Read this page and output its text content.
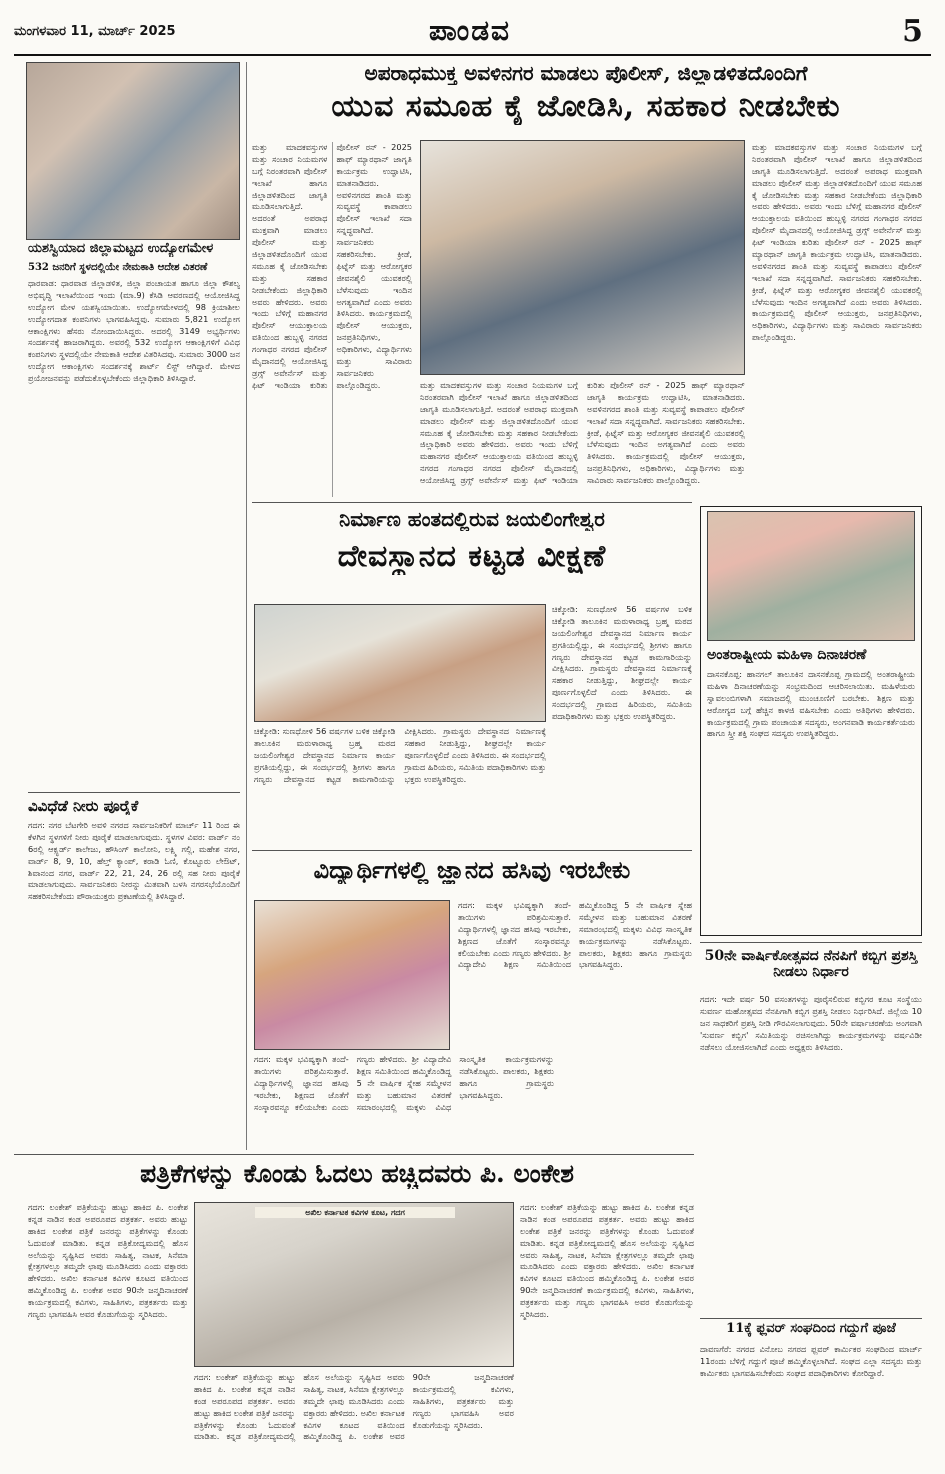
ಮಂಗಳವಾರ 11, ಮಾರ್ಚ್ 2025	ಪಾಂಡವ	5
ಯಶಸ್ವಿಯಾದ ಜಿಲ್ಲಾಮಟ್ಟದ ಉದ್ಯೋಗಮೇಳ
532 ಜನರಿಗೆ ಸ್ಥಳದಲ್ಲಿಯೇ ನೇಮಕಾತಿ ಆದೇಶ ವಿತರಣೆ
ಧಾರವಾಡ: ಧಾರವಾಡ ಜಿಲ್ಲಾಡಳಿತ, ಜಿಲ್ಲಾ ಪಂಚಾಯತ ಹಾಗೂ ಜಿಲ್ಲಾ ಕೌಶಲ್ಯ ಅಭಿವೃದ್ಧಿ ಇಲಾಖೆಯಿಂದ ಇಂದು (ಮಾ.9) ಕೆಸಿಡಿ ಆವರಣದಲ್ಲಿ ಆಯೋಜಿಸಿದ್ದ ಉದ್ಯೋಗ ಮೇಳ ಯಶಸ್ವಿಯಾಯಿತು. ಉದ್ಯೋಗಮೇಳದಲ್ಲಿ 98 ಕ್ರಿಯಾಶೀಲ ಉದ್ಯೋಗದಾತ ಕಂಪನಿಗಳು ಭಾಗವಹಿಸಿದ್ದವು. ಸುಮಾರು 5,821 ಉದ್ಯೋಗ ಆಕಾಂಕ್ಷಿಗಳು ಹೆಸರು ನೋಂದಾಯಿಸಿದ್ದರು. ಅದರಲ್ಲಿ 3149 ಅಭ್ಯರ್ಥಿಗಳು ಸಂದರ್ಶನಕ್ಕೆ ಹಾಜರಾಗಿದ್ದರು. ಅವರಲ್ಲಿ 532 ಉದ್ಯೋಗ ಆಕಾಂಕ್ಷಿಗಳಿಗೆ ವಿವಿಧ ಕಂಪನಿಗಳು ಸ್ಥಳದಲ್ಲಿಯೇ ನೇಮಕಾತಿ ಆದೇಶ ವಿತರಿಸಿದವು. ಸುಮಾರು 3000 ಜನ ಉದ್ಯೋಗ ಆಕಾಂಕ್ಷಿಗಳು ಸಂದರ್ಶನಕ್ಕೆ ಶಾರ್ಟ್ ಲಿಸ್ಟ್ ಆಗಿದ್ದಾರೆ. ಮೇಳದ ಪ್ರಯೋಜನವನ್ನು ಪಡೆದುಕೊಳ್ಳಬೇಕೆಂದು ಜಿಲ್ಲಾಧಿಕಾರಿ ತಿಳಿಸಿದ್ದಾರೆ.
ವಿವಿಧೆಡೆ ನೀರು ಪೂರೈಕೆ
ಗದಗ: ನಗರ ಬೆಟಗೇರಿ ಅವಳಿ ನಗರದ ಸಾರ್ವಜನಿಕರಿಗೆ ಮಾರ್ಚ್ 11 ರಿಂದ ಈ ಕೆಳಗಿನ ಸ್ಥಳಗಳಿಗೆ ನೀರು ಪೂರೈಕೆ ಮಾಡಲಾಗುವುದು. ಸ್ಥಳಗಳ ವಿವರ: ವಾರ್ಡ್ ನಂ 6ರಲ್ಲಿ ಆಕ್ಸ್ಫರ್ಡ್ ಕಾಲೇಜು, ಹೌಸಿಂಗ್ ಕಾಲೋನಿ, ಲಕ್ಷ್ಮಿ ಗಲ್ಲಿ, ಮಹೇಶ ನಗರ, ವಾರ್ಡ್ 8, 9, 10, ಹೆಲ್ತ್ ಕ್ಯಾಂಪ್, ಕರಾಡಿ ಓಣಿ, ಕೊಟ್ಟೂರು ಲೇಔಟ್, ಶಿವಾನಂದ ನಗರ, ವಾರ್ಡ್ 22, 21, 24, 26 ರಲ್ಲಿ ಸಹ ನೀರು ಪೂರೈಕೆ ಮಾಡಲಾಗುವುದು. ಸಾರ್ವಜನಿಕರು ನೀರನ್ನು ಮಿತವಾಗಿ ಬಳಸಿ ನಗರಸಭೆಯೊಂದಿಗೆ ಸಹಕರಿಸಬೇಕೆಂದು ಪೌರಾಯುಕ್ತರು ಪ್ರಕಟಣೆಯಲ್ಲಿ ತಿಳಿಸಿದ್ದಾರೆ.
ಅಪರಾಧಮುಕ್ತ ಅವಳಿನಗರ ಮಾಡಲು ಪೊಲೀಸ್, ಜಿಲ್ಲಾಡಳಿತದೊಂದಿಗೆ
ಯುವ ಸಮೂಹ ಕೈ ಜೋಡಿಸಿ, ಸಹಕಾರ ನೀಡಬೇಕು
ಮತ್ತು ಮಾದಕವಸ್ತುಗಳ ಮತ್ತು ಸಂಚಾರ ನಿಯಮಗಳ ಬಗ್ಗೆ ನಿರಂತರವಾಗಿ ಪೊಲೀಸ್ ಇಲಾಖೆ ಹಾಗೂ ಜಿಲ್ಲಾಡಳಿತದಿಂದ ಜಾಗೃತಿ ಮೂಡಿಸಲಾಗುತ್ತಿದೆ. ಅದರಂತೆ ಅಪರಾಧ ಮುಕ್ತವಾಗಿ ಮಾಡಲು ಪೊಲೀಸ್ ಮತ್ತು ಜಿಲ್ಲಾಡಳಿತದೊಂದಿಗೆ ಯುವ ಸಮೂಹ ಕೈ ಜೋಡಿಸಬೇಕು ಮತ್ತು ಸಹಕಾರ ನೀಡಬೇಕೆಂದು ಜಿಲ್ಲಾಧಿಕಾರಿ ಅವರು ಹೇಳಿದರು. ಅವರು ಇಂದು ಬೆಳಿಗ್ಗೆ ಮಹಾನಗರ ಪೊಲೀಸ್ ಆಯುಕ್ತಾಲಯ ವತಿಯಿಂದ ಹುಬ್ಬಳ್ಳಿ ನಗರದ ಗಂಗಾಧರ ನಗರದ ಪೊಲೀಸ್ ಮೈದಾನದಲ್ಲಿ ಆಯೋಜಿಸಿದ್ದ ಡ್ರಗ್ಸ್ ಅವೇರ್ನೆಸ್ ಮತ್ತು ಫಿಟ್ ಇಂಡಿಯಾ ಕುರಿತು ಪೊಲೀಸ್ ರನ್ - 2025 ಹಾಫ್ ಮ್ಯಾರಥಾನ್ ಜಾಗೃತಿ ಕಾರ್ಯಕ್ರಮ ಉದ್ಘಾಟಿಸಿ, ಮಾತನಾಡಿದರು. ಅವಳಿನಗರದ ಶಾಂತಿ ಮತ್ತು ಸುವ್ಯವಸ್ಥೆ ಕಾಪಾಡಲು ಪೊಲೀಸ್ ಇಲಾಖೆ ಸದಾ ಸನ್ನದ್ಧವಾಗಿದೆ. ಸಾರ್ವಜನಿಕರು ಸಹಕರಿಸಬೇಕು. ಕ್ರೀಡೆ, ಫಿಟ್ನೆಸ್ ಮತ್ತು ಆರೋಗ್ಯಕರ ಜೀವನಶೈಲಿ ಯುವಕರಲ್ಲಿ ಬೆಳೆಸುವುದು ಇಂದಿನ ಅಗತ್ಯವಾಗಿದೆ ಎಂದು ಅವರು ತಿಳಿಸಿದರು. ಕಾರ್ಯಕ್ರಮದಲ್ಲಿ ಪೊಲೀಸ್ ಆಯುಕ್ತರು, ಜನಪ್ರತಿನಿಧಿಗಳು, ಅಧಿಕಾರಿಗಳು, ವಿದ್ಯಾರ್ಥಿಗಳು ಮತ್ತು ಸಾವಿರಾರು ಸಾರ್ವಜನಿಕರು ಪಾಲ್ಗೊಂಡಿದ್ದರು.	ಮತ್ತು ಮಾದಕವಸ್ತುಗಳ ಮತ್ತು ಸಂಚಾರ ನಿಯಮಗಳ ಬಗ್ಗೆ ನಿರಂತರವಾಗಿ ಪೊಲೀಸ್ ಇಲಾಖೆ ಹಾಗೂ ಜಿಲ್ಲಾಡಳಿತದಿಂದ ಜಾಗೃತಿ ಮೂಡಿಸಲಾಗುತ್ತಿದೆ. ಅದರಂತೆ ಅಪರಾಧ ಮುಕ್ತವಾಗಿ ಮಾಡಲು ಪೊಲೀಸ್ ಮತ್ತು ಜಿಲ್ಲಾಡಳಿತದೊಂದಿಗೆ ಯುವ ಸಮೂಹ ಕೈ ಜೋಡಿಸಬೇಕು ಮತ್ತು ಸಹಕಾರ ನೀಡಬೇಕೆಂದು ಜಿಲ್ಲಾಧಿಕಾರಿ ಅವರು ಹೇಳಿದರು. ಅವರು ಇಂದು ಬೆಳಿಗ್ಗೆ ಮಹಾನಗರ ಪೊಲೀಸ್ ಆಯುಕ್ತಾಲಯ ವತಿಯಿಂದ ಹುಬ್ಬಳ್ಳಿ ನಗರದ ಗಂಗಾಧರ ನಗರದ ಪೊಲೀಸ್ ಮೈದಾನದಲ್ಲಿ ಆಯೋಜಿಸಿದ್ದ ಡ್ರಗ್ಸ್ ಅವೇರ್ನೆಸ್ ಮತ್ತು ಫಿಟ್ ಇಂಡಿಯಾ ಕುರಿತು ಪೊಲೀಸ್ ರನ್ - 2025 ಹಾಫ್ ಮ್ಯಾರಥಾನ್ ಜಾಗೃತಿ ಕಾರ್ಯಕ್ರಮ ಉದ್ಘಾಟಿಸಿ, ಮಾತನಾಡಿದರು. ಅವಳಿನಗರದ ಶಾಂತಿ ಮತ್ತು ಸುವ್ಯವಸ್ಥೆ ಕಾಪಾಡಲು ಪೊಲೀಸ್ ಇಲಾಖೆ ಸದಾ ಸನ್ನದ್ಧವಾಗಿದೆ. ಸಾರ್ವಜನಿಕರು ಸಹಕರಿಸಬೇಕು. ಕ್ರೀಡೆ, ಫಿಟ್ನೆಸ್ ಮತ್ತು ಆರೋಗ್ಯಕರ ಜೀವನಶೈಲಿ ಯುವಕರಲ್ಲಿ ಬೆಳೆಸುವುದು ಇಂದಿನ ಅಗತ್ಯವಾಗಿದೆ ಎಂದು ಅವರು ತಿಳಿಸಿದರು. ಕಾರ್ಯಕ್ರಮದಲ್ಲಿ ಪೊಲೀಸ್ ಆಯುಕ್ತರು, ಜನಪ್ರತಿನಿಧಿಗಳು, ಅಧಿಕಾರಿಗಳು, ವಿದ್ಯಾರ್ಥಿಗಳು ಮತ್ತು ಸಾವಿರಾರು ಸಾರ್ವಜನಿಕರು ಪಾಲ್ಗೊಂಡಿದ್ದರು.
ಮತ್ತು ಮಾದಕವಸ್ತುಗಳ ಮತ್ತು ಸಂಚಾರ ನಿಯಮಗಳ ಬಗ್ಗೆ ನಿರಂತರವಾಗಿ ಪೊಲೀಸ್ ಇಲಾಖೆ ಹಾಗೂ ಜಿಲ್ಲಾಡಳಿತದಿಂದ ಜಾಗೃತಿ ಮೂಡಿಸಲಾಗುತ್ತಿದೆ. ಅದರಂತೆ ಅಪರಾಧ ಮುಕ್ತವಾಗಿ ಮಾಡಲು ಪೊಲೀಸ್ ಮತ್ತು ಜಿಲ್ಲಾಡಳಿತದೊಂದಿಗೆ ಯುವ ಸಮೂಹ ಕೈ ಜೋಡಿಸಬೇಕು ಮತ್ತು ಸಹಕಾರ ನೀಡಬೇಕೆಂದು ಜಿಲ್ಲಾಧಿಕಾರಿ ಅವರು ಹೇಳಿದರು. ಅವರು ಇಂದು ಬೆಳಿಗ್ಗೆ ಮಹಾನಗರ ಪೊಲೀಸ್ ಆಯುಕ್ತಾಲಯ ವತಿಯಿಂದ ಹುಬ್ಬಳ್ಳಿ ನಗರದ ಗಂಗಾಧರ ನಗರದ ಪೊಲೀಸ್ ಮೈದಾನದಲ್ಲಿ ಆಯೋಜಿಸಿದ್ದ ಡ್ರಗ್ಸ್ ಅವೇರ್ನೆಸ್ ಮತ್ತು ಫಿಟ್ ಇಂಡಿಯಾ ಕುರಿತು ಪೊಲೀಸ್ ರನ್ - 2025 ಹಾಫ್ ಮ್ಯಾರಥಾನ್ ಜಾಗೃತಿ ಕಾರ್ಯಕ್ರಮ ಉದ್ಘಾಟಿಸಿ, ಮಾತನಾಡಿದರು. ಅವಳಿನಗರದ ಶಾಂತಿ ಮತ್ತು ಸುವ್ಯವಸ್ಥೆ ಕಾಪಾಡಲು ಪೊಲೀಸ್ ಇಲಾಖೆ ಸದಾ ಸನ್ನದ್ಧವಾಗಿದೆ. ಸಾರ್ವಜನಿಕರು ಸಹಕರಿಸಬೇಕು. ಕ್ರೀಡೆ, ಫಿಟ್ನೆಸ್ ಮತ್ತು ಆರೋಗ್ಯಕರ ಜೀವನಶೈಲಿ ಯುವಕರಲ್ಲಿ ಬೆಳೆಸುವುದು ಇಂದಿನ ಅಗತ್ಯವಾಗಿದೆ ಎಂದು ಅವರು ತಿಳಿಸಿದರು. ಕಾರ್ಯಕ್ರಮದಲ್ಲಿ ಪೊಲೀಸ್ ಆಯುಕ್ತರು, ಜನಪ್ರತಿನಿಧಿಗಳು, ಅಧಿಕಾರಿಗಳು, ವಿದ್ಯಾರ್ಥಿಗಳು ಮತ್ತು ಸಾವಿರಾರು ಸಾರ್ವಜನಿಕರು ಪಾಲ್ಗೊಂಡಿದ್ದರು.
ನಿರ್ಮಾಣ ಹಂತದಲ್ಲಿರುವ ಜಯಲಿಂಗೇಶ್ವರ
ದೇವಸ್ಥಾನದ ಕಟ್ಟಡ ವೀಕ್ಷಣೆ
ಚಿಕ್ಕೋಡಿ: ಸುಣಧೋಳಿ 56 ವರ್ಷಗಳ ಬಳಿಕ ಚಿಕ್ಕೋಡಿ ತಾಲೂಕಿನ ಮರುಳಾರಾಧ್ಯ ಬ್ರಹ್ಮ ಮಠದ ಜಯಲಿಂಗೇಶ್ವರ ದೇವಸ್ಥಾನದ ನಿರ್ಮಾಣ ಕಾರ್ಯ ಪ್ರಗತಿಯಲ್ಲಿದ್ದು, ಈ ಸಂದರ್ಭದಲ್ಲಿ ಶ್ರೀಗಳು ಹಾಗೂ ಗಣ್ಯರು ದೇವಸ್ಥಾನದ ಕಟ್ಟಡ ಕಾಮಗಾರಿಯನ್ನು ವೀಕ್ಷಿಸಿದರು. ಗ್ರಾಮಸ್ಥರು ದೇವಸ್ಥಾನದ ನಿರ್ಮಾಣಕ್ಕೆ ಸಹಕಾರ ನೀಡುತ್ತಿದ್ದು, ಶೀಘ್ರದಲ್ಲೇ ಕಾರ್ಯ ಪೂರ್ಣಗೊಳ್ಳಲಿದೆ ಎಂದು ತಿಳಿಸಿದರು. ಈ ಸಂದರ್ಭದಲ್ಲಿ ಗ್ರಾಮದ ಹಿರಿಯರು, ಸಮಿತಿಯ ಪದಾಧಿಕಾರಿಗಳು ಮತ್ತು ಭಕ್ತರು ಉಪಸ್ಥಿತರಿದ್ದರು.
ಚಿಕ್ಕೋಡಿ: ಸುಣಧೋಳಿ 56 ವರ್ಷಗಳ ಬಳಿಕ ಚಿಕ್ಕೋಡಿ ತಾಲೂಕಿನ ಮರುಳಾರಾಧ್ಯ ಬ್ರಹ್ಮ ಮಠದ ಜಯಲಿಂಗೇಶ್ವರ ದೇವಸ್ಥಾನದ ನಿರ್ಮಾಣ ಕಾರ್ಯ ಪ್ರಗತಿಯಲ್ಲಿದ್ದು, ಈ ಸಂದರ್ಭದಲ್ಲಿ ಶ್ರೀಗಳು ಹಾಗೂ ಗಣ್ಯರು ದೇವಸ್ಥಾನದ ಕಟ್ಟಡ ಕಾಮಗಾರಿಯನ್ನು ವೀಕ್ಷಿಸಿದರು. ಗ್ರಾಮಸ್ಥರು ದೇವಸ್ಥಾನದ ನಿರ್ಮಾಣಕ್ಕೆ ಸಹಕಾರ ನೀಡುತ್ತಿದ್ದು, ಶೀಘ್ರದಲ್ಲೇ ಕಾರ್ಯ ಪೂರ್ಣಗೊಳ್ಳಲಿದೆ ಎಂದು ತಿಳಿಸಿದರು. ಈ ಸಂದರ್ಭದಲ್ಲಿ ಗ್ರಾಮದ ಹಿರಿಯರು, ಸಮಿತಿಯ ಪದಾಧಿಕಾರಿಗಳು ಮತ್ತು ಭಕ್ತರು ಉಪಸ್ಥಿತರಿದ್ದರು.
ಅಂತರಾಷ್ಟ್ರೀಯ ಮಹಿಳಾ ದಿನಾಚರಣೆ
ದಾಸನಕೊಪ್ಪ: ಹಾನಗಲ್ ತಾಲೂಕಿನ ದಾಸನಕೊಪ್ಪ ಗ್ರಾಮದಲ್ಲಿ ಅಂತರಾಷ್ಟ್ರೀಯ ಮಹಿಳಾ ದಿನಾಚರಣೆಯನ್ನು ಸಂಭ್ರಮದಿಂದ ಆಚರಿಸಲಾಯಿತು. ಮಹಿಳೆಯರು ಸ್ವಾವಲಂಬಿಗಳಾಗಿ ಸಮಾಜದಲ್ಲಿ ಮುಂಚೂಣಿಗೆ ಬರಬೇಕು. ಶಿಕ್ಷಣ ಮತ್ತು ಆರೋಗ್ಯದ ಬಗ್ಗೆ ಹೆಚ್ಚಿನ ಕಾಳಜಿ ವಹಿಸಬೇಕು ಎಂದು ಅತಿಥಿಗಳು ಹೇಳಿದರು. ಕಾರ್ಯಕ್ರಮದಲ್ಲಿ ಗ್ರಾಮ ಪಂಚಾಯತ ಸದಸ್ಯರು, ಅಂಗನವಾಡಿ ಕಾರ್ಯಕರ್ತೆಯರು ಹಾಗೂ ಸ್ತ್ರೀ ಶಕ್ತಿ ಸಂಘದ ಸದಸ್ಯರು ಉಪಸ್ಥಿತರಿದ್ದರು.
ವಿದ್ಯಾರ್ಥಿಗಳಲ್ಲಿ ಜ್ಞಾನದ ಹಸಿವು ಇರಬೇಕು
ಗದಗ: ಮಕ್ಕಳ ಭವಿಷ್ಯಕ್ಕಾಗಿ ತಂದೆ-ತಾಯಿಗಳು ಪರಿಶ್ರಮಿಸುತ್ತಾರೆ. ವಿದ್ಯಾರ್ಥಿಗಳಲ್ಲಿ ಜ್ಞಾನದ ಹಸಿವು ಇರಬೇಕು, ಶಿಕ್ಷಣದ ಜೊತೆಗೆ ಸಂಸ್ಕಾರವನ್ನೂ ಕಲಿಯಬೇಕು ಎಂದು ಗಣ್ಯರು ಹೇಳಿದರು. ಶ್ರೀ ವಿದ್ಯಾದೇವಿ ಶಿಕ್ಷಣ ಸಮಿತಿಯಿಂದ ಹಮ್ಮಿಕೊಂಡಿದ್ದ 5 ನೇ ವಾರ್ಷಿಕ ಸ್ನೇಹ ಸಮ್ಮೇಳನ ಮತ್ತು ಬಹುಮಾನ ವಿತರಣೆ ಸಮಾರಂಭದಲ್ಲಿ ಮಕ್ಕಳು ವಿವಿಧ ಸಾಂಸ್ಕೃತಿಕ ಕಾರ್ಯಕ್ರಮಗಳನ್ನು ನಡೆಸಿಕೊಟ್ಟರು. ಪಾಲಕರು, ಶಿಕ್ಷಕರು ಹಾಗೂ ಗ್ರಾಮಸ್ಥರು ಭಾಗವಹಿಸಿದ್ದರು.
ಗದಗ: ಮಕ್ಕಳ ಭವಿಷ್ಯಕ್ಕಾಗಿ ತಂದೆ-ತಾಯಿಗಳು ಪರಿಶ್ರಮಿಸುತ್ತಾರೆ. ವಿದ್ಯಾರ್ಥಿಗಳಲ್ಲಿ ಜ್ಞಾನದ ಹಸಿವು ಇರಬೇಕು, ಶಿಕ್ಷಣದ ಜೊತೆಗೆ ಸಂಸ್ಕಾರವನ್ನೂ ಕಲಿಯಬೇಕು ಎಂದು ಗಣ್ಯರು ಹೇಳಿದರು. ಶ್ರೀ ವಿದ್ಯಾದೇವಿ ಶಿಕ್ಷಣ ಸಮಿತಿಯಿಂದ ಹಮ್ಮಿಕೊಂಡಿದ್ದ 5 ನೇ ವಾರ್ಷಿಕ ಸ್ನೇಹ ಸಮ್ಮೇಳನ ಮತ್ತು ಬಹುಮಾನ ವಿತರಣೆ ಸಮಾರಂಭದಲ್ಲಿ ಮಕ್ಕಳು ವಿವಿಧ ಸಾಂಸ್ಕೃತಿಕ ಕಾರ್ಯಕ್ರಮಗಳನ್ನು ನಡೆಸಿಕೊಟ್ಟರು. ಪಾಲಕರು, ಶಿಕ್ಷಕರು ಹಾಗೂ ಗ್ರಾಮಸ್ಥರು ಭಾಗವಹಿಸಿದ್ದರು.
50ನೇ ವಾರ್ಷಿಕೋತ್ಸವದ ನೆನಪಿಗೆ ಕಬ್ಬಿಗ ಪ್ರಶಸ್ತಿ ನೀಡಲು ನಿರ್ಧಾರ
ಗದಗ: ಇದೇ ವರ್ಷ 50 ವಸಂತಗಳನ್ನು ಪೂರೈಸಲಿರುವ ಕಬ್ಬಿಗರ ಕೂಟ ಸಂಸ್ಥೆಯು ಸುವರ್ಣ ಮಹೋತ್ಸವದ ನೆನಪಿಗಾಗಿ ಕಬ್ಬಿಗ ಪ್ರಶಸ್ತಿ ನೀಡಲು ನಿರ್ಧರಿಸಿದೆ. ಜಿಲ್ಲೆಯ 10 ಜನ ಸಾಧಕರಿಗೆ ಪ್ರಶಸ್ತಿ ನೀಡಿ ಗೌರವಿಸಲಾಗುವುದು. 50ನೇ ವರ್ಷಾಚರಣೆಯ ಅಂಗವಾಗಿ 'ಸುವರ್ಣ ಕಬ್ಬಿಗ' ಸಮಿತಿಯನ್ನು ರಚಿಸಲಾಗಿದ್ದು ಕಾರ್ಯಕ್ರಮಗಳನ್ನು ವರ್ಷವಿಡೀ ನಡೆಸಲು ಯೋಜಿಸಲಾಗಿದೆ ಎಂದು ಅಧ್ಯಕ್ಷರು ತಿಳಿಸಿದರು.
11ಕ್ಕೆ ಫ್ಲವರ್ ಸಂಘದಿಂದ ಗದ್ದುಗೆ ಪೂಜೆ
ದಾವಣಗೆರೆ: ನಗರದ ವಿನೋಬ ನಗರದ ಫ್ಲವರ್ ಕಾರ್ಮಿಕರ ಸಂಘದಿಂದ ಮಾರ್ಚ್ 11ರಂದು ಬೆಳಿಗ್ಗೆ ಗದ್ದುಗೆ ಪೂಜೆ ಹಮ್ಮಿಕೊಳ್ಳಲಾಗಿದೆ. ಸಂಘದ ಎಲ್ಲಾ ಸದಸ್ಯರು ಮತ್ತು ಕಾರ್ಮಿಕರು ಭಾಗವಹಿಸಬೇಕೆಂದು ಸಂಘದ ಪದಾಧಿಕಾರಿಗಳು ಕೋರಿದ್ದಾರೆ.
ಪತ್ರಿಕೆಗಳನ್ನು ಕೊಂಡು ಓದಲು ಹಚ್ಚಿದವರು ಪಿ. ಲಂಕೇಶ
ಗದಗ: ಲಂಕೇಶ್ ಪತ್ರಿಕೆಯನ್ನು ಹುಟ್ಟು ಹಾಕಿದ ಪಿ. ಲಂಕೇಶ ಕನ್ನಡ ನಾಡಿನ ಕಂಡ ಅಪರೂಪದ ಪತ್ರಕರ್ತ. ಅವರು ಹುಟ್ಟು ಹಾಕಿದ ಲಂಕೇಶ ಪತ್ರಿಕೆ ಜನರನ್ನು ಪತ್ರಿಕೆಗಳನ್ನು ಕೊಂಡು ಓದುವಂತೆ ಮಾಡಿತು. ಕನ್ನಡ ಪತ್ರಿಕೋದ್ಯಮದಲ್ಲಿ ಹೊಸ ಅಲೆಯನ್ನು ಸೃಷ್ಟಿಸಿದ ಅವರು ಸಾಹಿತ್ಯ, ನಾಟಕ, ಸಿನೆಮಾ ಕ್ಷೇತ್ರಗಳಲ್ಲೂ ತಮ್ಮದೇ ಛಾಪು ಮೂಡಿಸಿದರು ಎಂದು ವಕ್ತಾರರು ಹೇಳಿದರು. ಅಖಿಲ ಕರ್ನಾಟಕ ಕವಿಗಳ ಕೂಟದ ವತಿಯಿಂದ ಹಮ್ಮಿಕೊಂಡಿದ್ದ ಪಿ. ಲಂಕೇಶ ಅವರ 90ನೇ ಜನ್ಮದಿನಾಚರಣೆ ಕಾರ್ಯಕ್ರಮದಲ್ಲಿ ಕವಿಗಳು, ಸಾಹಿತಿಗಳು, ಪತ್ರಕರ್ತರು ಮತ್ತು ಗಣ್ಯರು ಭಾಗವಹಿಸಿ ಅವರ ಕೊಡುಗೆಯನ್ನು ಸ್ಮರಿಸಿದರು.
ಅಖಿಲ ಕರ್ನಾಟಕ ಕವಿಗಳ ಕೂಟ, ಗದಗ
ಗದಗ: ಲಂಕೇಶ್ ಪತ್ರಿಕೆಯನ್ನು ಹುಟ್ಟು ಹಾಕಿದ ಪಿ. ಲಂಕೇಶ ಕನ್ನಡ ನಾಡಿನ ಕಂಡ ಅಪರೂಪದ ಪತ್ರಕರ್ತ. ಅವರು ಹುಟ್ಟು ಹಾಕಿದ ಲಂಕೇಶ ಪತ್ರಿಕೆ ಜನರನ್ನು ಪತ್ರಿಕೆಗಳನ್ನು ಕೊಂಡು ಓದುವಂತೆ ಮಾಡಿತು. ಕನ್ನಡ ಪತ್ರಿಕೋದ್ಯಮದಲ್ಲಿ ಹೊಸ ಅಲೆಯನ್ನು ಸೃಷ್ಟಿಸಿದ ಅವರು ಸಾಹಿತ್ಯ, ನಾಟಕ, ಸಿನೆಮಾ ಕ್ಷೇತ್ರಗಳಲ್ಲೂ ತಮ್ಮದೇ ಛಾಪು ಮೂಡಿಸಿದರು ಎಂದು ವಕ್ತಾರರು ಹೇಳಿದರು. ಅಖಿಲ ಕರ್ನಾಟಕ ಕವಿಗಳ ಕೂಟದ ವತಿಯಿಂದ ಹಮ್ಮಿಕೊಂಡಿದ್ದ ಪಿ. ಲಂಕೇಶ ಅವರ 90ನೇ ಜನ್ಮದಿನಾಚರಣೆ ಕಾರ್ಯಕ್ರಮದಲ್ಲಿ ಕವಿಗಳು, ಸಾಹಿತಿಗಳು, ಪತ್ರಕರ್ತರು ಮತ್ತು ಗಣ್ಯರು ಭಾಗವಹಿಸಿ ಅವರ ಕೊಡುಗೆಯನ್ನು ಸ್ಮರಿಸಿದರು.
ಗದಗ: ಲಂಕೇಶ್ ಪತ್ರಿಕೆಯನ್ನು ಹುಟ್ಟು ಹಾಕಿದ ಪಿ. ಲಂಕೇಶ ಕನ್ನಡ ನಾಡಿನ ಕಂಡ ಅಪರೂಪದ ಪತ್ರಕರ್ತ. ಅವರು ಹುಟ್ಟು ಹಾಕಿದ ಲಂಕೇಶ ಪತ್ರಿಕೆ ಜನರನ್ನು ಪತ್ರಿಕೆಗಳನ್ನು ಕೊಂಡು ಓದುವಂತೆ ಮಾಡಿತು. ಕನ್ನಡ ಪತ್ರಿಕೋದ್ಯಮದಲ್ಲಿ ಹೊಸ ಅಲೆಯನ್ನು ಸೃಷ್ಟಿಸಿದ ಅವರು ಸಾಹಿತ್ಯ, ನಾಟಕ, ಸಿನೆಮಾ ಕ್ಷೇತ್ರಗಳಲ್ಲೂ ತಮ್ಮದೇ ಛಾಪು ಮೂಡಿಸಿದರು ಎಂದು ವಕ್ತಾರರು ಹೇಳಿದರು. ಅಖಿಲ ಕರ್ನಾಟಕ ಕವಿಗಳ ಕೂಟದ ವತಿಯಿಂದ ಹಮ್ಮಿಕೊಂಡಿದ್ದ ಪಿ. ಲಂಕೇಶ ಅವರ 90ನೇ ಜನ್ಮದಿನಾಚರಣೆ ಕಾರ್ಯಕ್ರಮದಲ್ಲಿ ಕವಿಗಳು, ಸಾಹಿತಿಗಳು, ಪತ್ರಕರ್ತರು ಮತ್ತು ಗಣ್ಯರು ಭಾಗವಹಿಸಿ ಅವರ ಕೊಡುಗೆಯನ್ನು ಸ್ಮರಿಸಿದರು.
